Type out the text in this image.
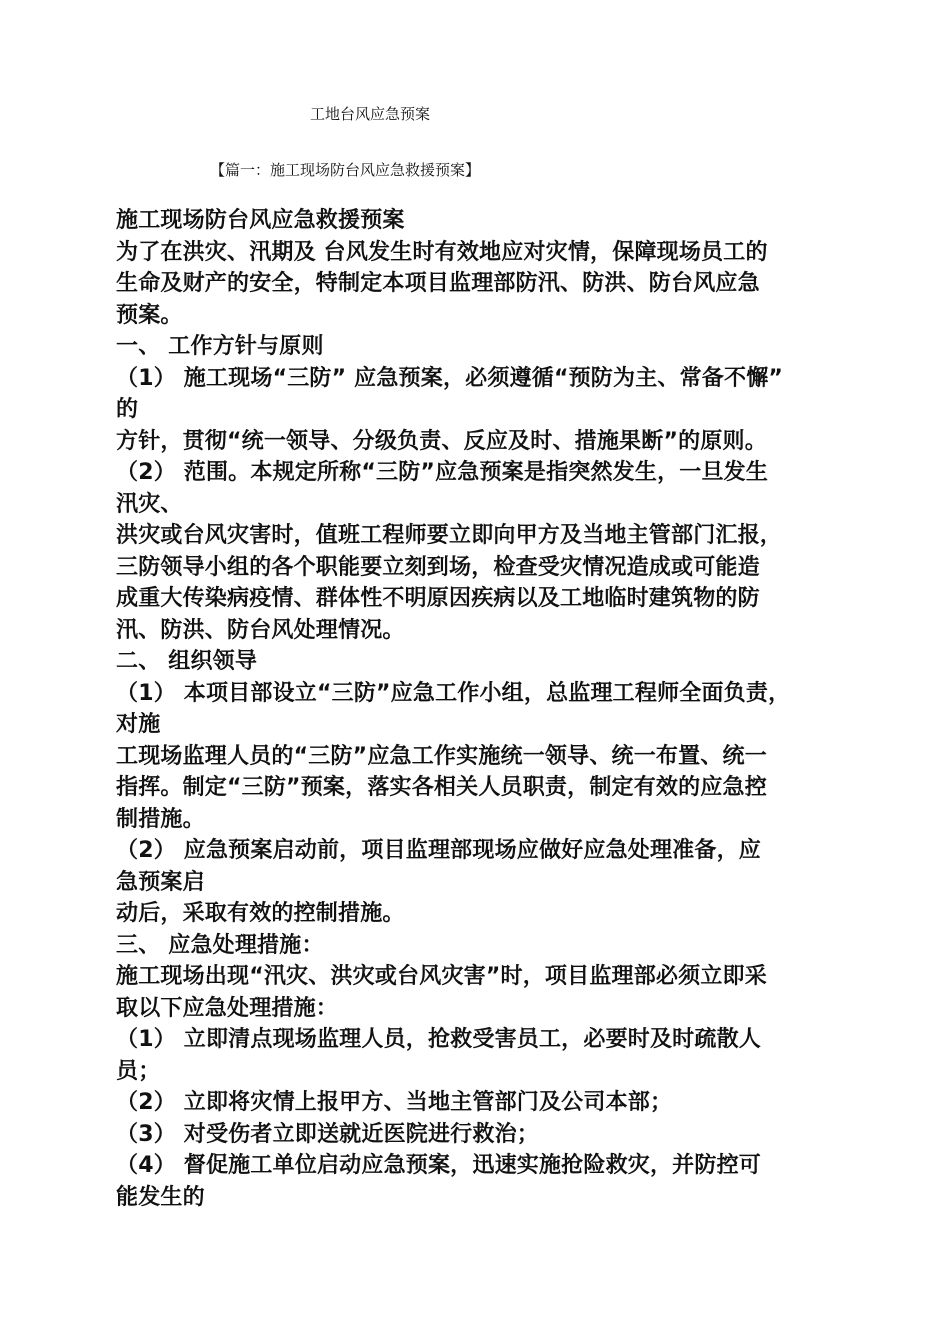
工地台风应急预案
【篇一：施工现场防台风应急救援预案】
施工现场防台风应急救援预案
为了在洪灾、汛期及 台风发生时有效地应对灾情，保障现场员工的
生命及财产的安全，特制定本项目监理部防汛、防洪、防台风应急
预案。
一、 工作方针与原则
（1） 施工现场“三防” 应急预案，必须遵循“预防为主、常备不懈”
的
方针，贯彻“统一领导、分级负责、反应及时、措施果断”的原则。
（2） 范围。本规定所称“三防”应急预案是指突然发生，一旦发生
汛灾、
洪灾或台风灾害时，值班工程师要立即向甲方及当地主管部门汇报，
三防领导小组的各个职能要立刻到场，检查受灾情况造成或可能造
成重大传染病疫情、群体性不明原因疾病以及工地临时建筑物的防
汛、防洪、防台风处理情况。
二、 组织领导
（1） 本项目部设立“三防”应急工作小组，总监理工程师全面负责，
对施
工现场监理人员的“三防”应急工作实施统一领导、统一布置、统一
指挥。制定“三防”预案，落实各相关人员职责，制定有效的应急控
制措施。
（2） 应急预案启动前，项目监理部现场应做好应急处理准备，应
急预案启
动后，采取有效的控制措施。
三、 应急处理措施：
施工现场出现“汛灾、洪灾或台风灾害”时，项目监理部必须立即采
取以下应急处理措施：
（1） 立即清点现场监理人员，抢救受害员工，必要时及时疏散人
员；
（2） 立即将灾情上报甲方、当地主管部门及公司本部；
（3） 对受伤者立即送就近医院进行救治；
（4） 督促施工单位启动应急预案，迅速实施抢险救灾，并防控可
能发生的
